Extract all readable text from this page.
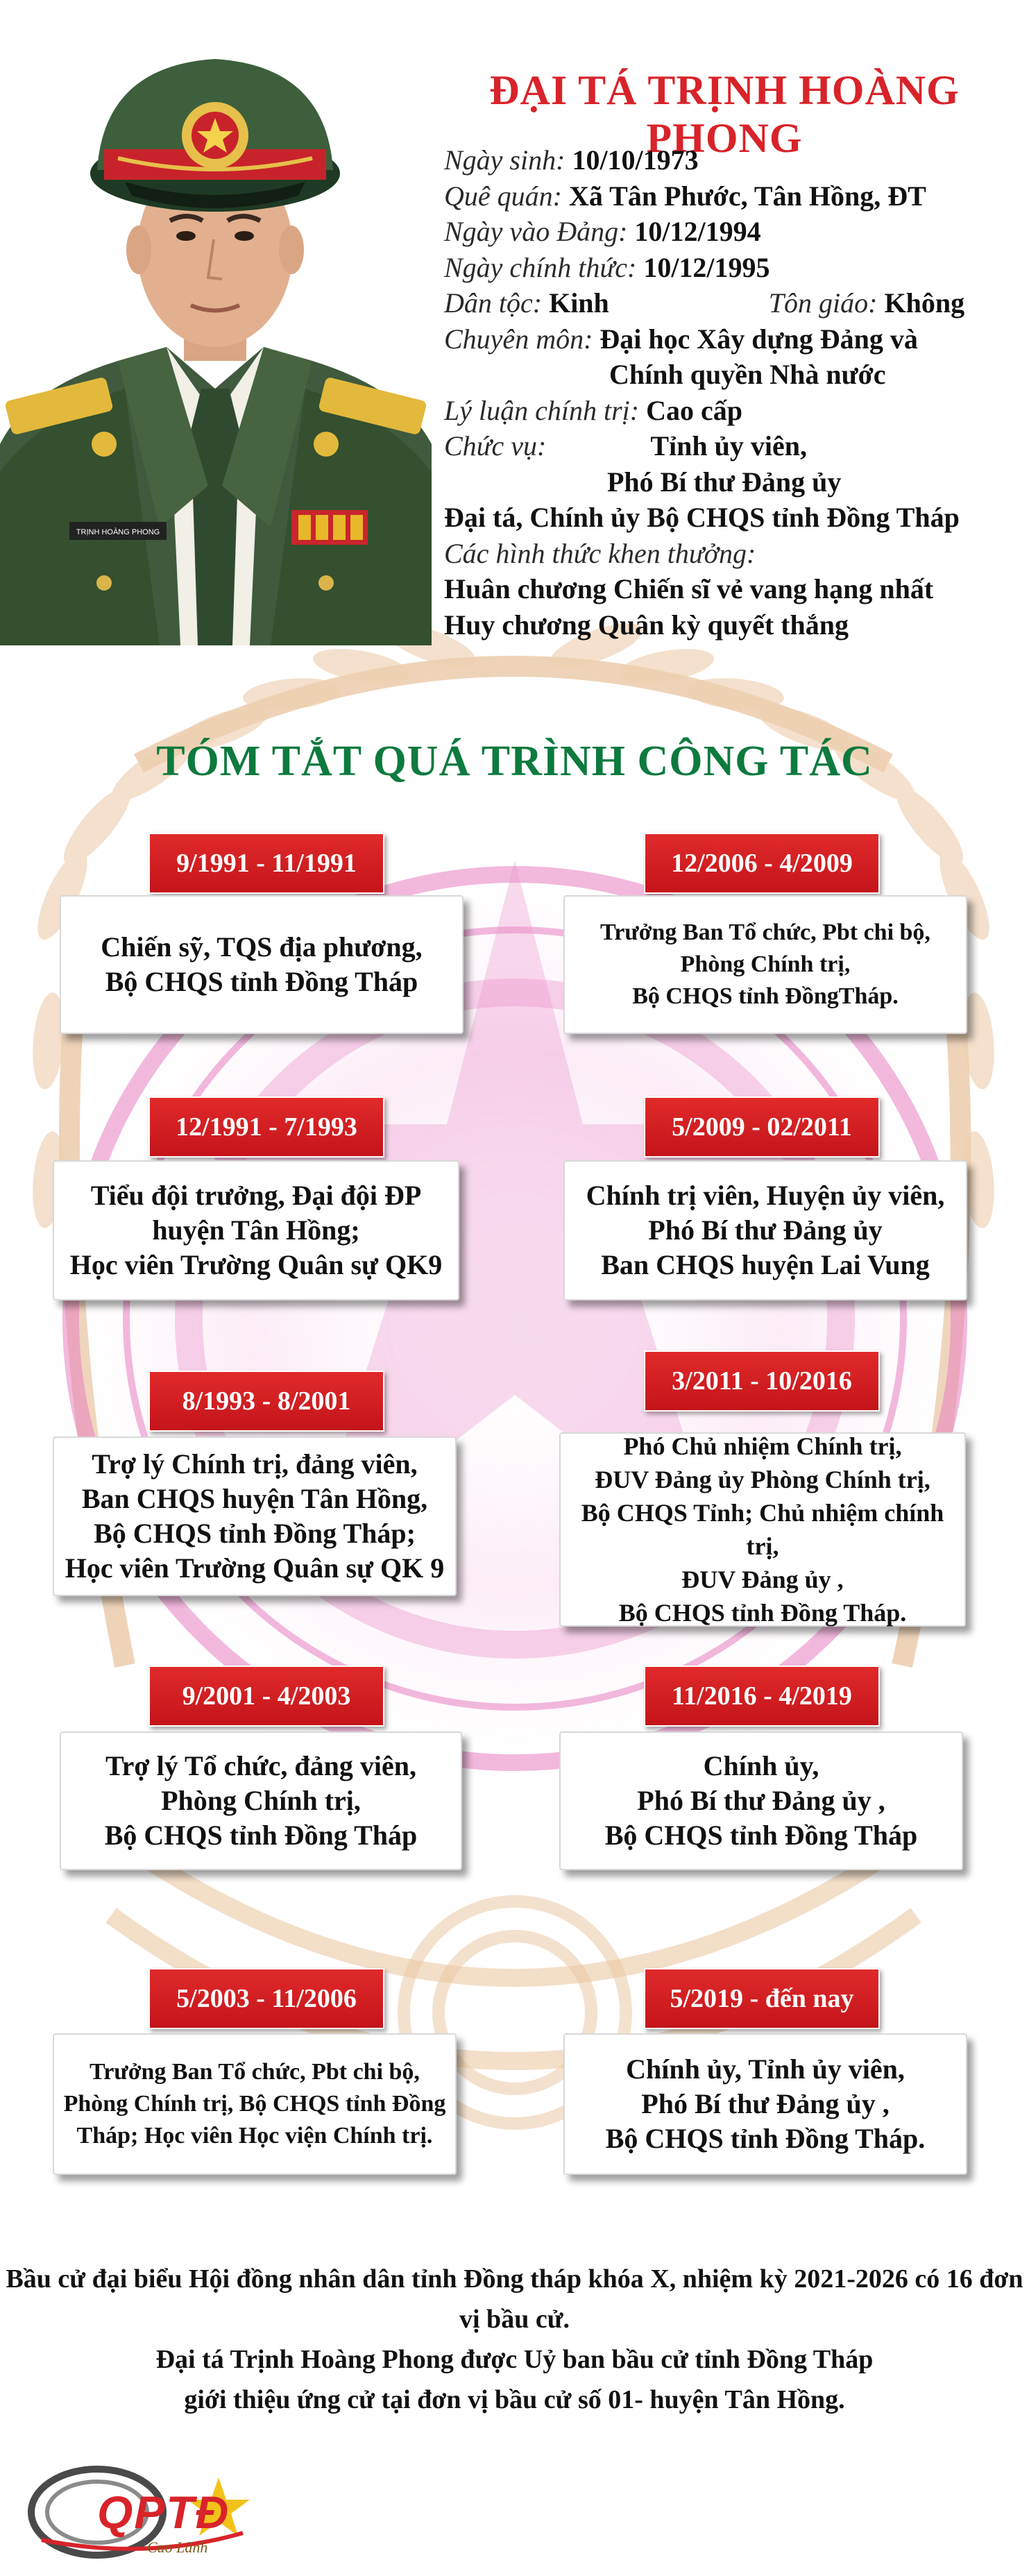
TRỊNH HOÀNG PHONG
ĐẠI TÁ TRỊNH HOÀNG PHONG
Ngày sinh: 10/10/1973
Quê quán: Xã Tân Phước, Tân Hồng, ĐT
Ngày vào Đảng: 10/12/1994
Ngày chính thức: 10/12/1995
Dân tộc: Kinh	Tôn giáo: Không
Chuyên môn: Đại học Xây dựng Đảng và
Chính quyền Nhà nước
Lý luận chính trị: Cao cấp
Chức vụ:	Tỉnh ủy viên,
Phó Bí thư Đảng ủy
Đại tá, Chính ủy Bộ CHQS tỉnh Đồng Tháp
Các hình thức khen thưởng:
Huân chương Chiến sĩ vẻ vang hạng nhất
Huy chương Quân kỳ quyết thắng
TÓM TẮT QUÁ TRÌNH CÔNG TÁC
9/1991 - 11/1991
Chiến sỹ, TQS địa phương,
Bộ CHQS tỉnh Đồng Tháp
12/1991 - 7/1993
Tiểu đội trưởng, Đại đội ĐP
huyện Tân Hồng;
Học viên Trường Quân sự QK9
8/1993 - 8/2001
Trợ lý Chính trị, đảng viên,
Ban CHQS huyện Tân Hồng,
Bộ CHQS tỉnh Đồng Tháp;
Học viên Trường Quân sự QK 9
9/2001 - 4/2003
Trợ lý Tổ chức, đảng viên,
Phòng Chính trị,
Bộ CHQS tỉnh Đồng Tháp
5/2003 - 11/2006
Trưởng Ban Tổ chức, Pbt chi bộ,
Phòng Chính trị, Bộ CHQS tỉnh Đồng
Tháp; Học viên Học viện Chính trị.
12/2006 - 4/2009
Trưởng Ban Tổ chức, Pbt chi bộ,
Phòng Chính trị,
Bộ CHQS tỉnh ĐồngTháp.
5/2009 - 02/2011
Chính trị viên, Huyện ủy viên,
Phó Bí thư Đảng ủy
Ban CHQS huyện Lai Vung
3/2011 - 10/2016
Phó Chủ nhiệm Chính trị,
ĐUV Đảng ủy Phòng Chính trị,
Bộ CHQS Tỉnh; Chủ nhiệm chính trị,
ĐUV Đảng ủy ,
Bộ CHQS tỉnh Đồng Tháp.
11/2016 - 4/2019
Chính ủy,
Phó Bí thư Đảng ủy ,
Bộ CHQS tỉnh Đồng Tháp
5/2019 - đến nay
Chính ủy, Tỉnh ủy viên,
Phó Bí thư Đảng ủy ,
Bộ CHQS tỉnh Đồng Tháp.
Bầu cử đại biểu Hội đồng nhân dân tỉnh Đồng tháp khóa X, nhiệm kỳ 2021-2026 có 16 đơn vị bầu cử.
Đại tá Trịnh Hoàng Phong được Uỷ ban bầu cử tỉnh Đồng Tháp
giới thiệu ứng cử tại đơn vị bầu cử số 01- huyện Tân Hồng.
QPTĐ
Cao Lãnh
